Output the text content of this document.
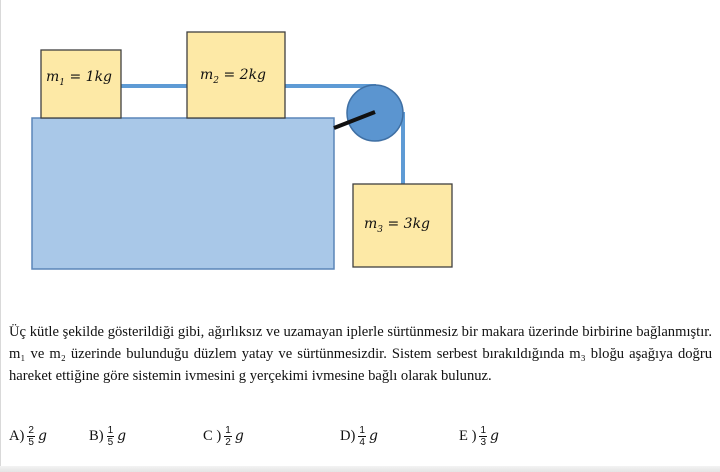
$m_1 = 1kg$	$m_2 = 2kg$
$m_3 = 3kg$
Üç kütle şekilde gösterildiği gibi, ağırlıksız ve uzamayan iplerle sürtünmesiz bir makara üzerinde birbirine bağlanmıştır. m₁ ve m₂ üzerinde bulunduğu düzlem yatay ve sürtünmesizdir. Sistem serbest bırakıldığında m₃ bloğu aşağıya doğru hareket ettiğine göre sistemin ivmesini g yerçekimi ivmesine bağlı olarak bulunuz.
$A) \frac{2}{5}$ g	$B) \frac{1}{5}$ g	C ) $\frac{1}{2}$ g	$D) \frac{1}{4}$ g	E ) $\frac{1}{3}$ g
